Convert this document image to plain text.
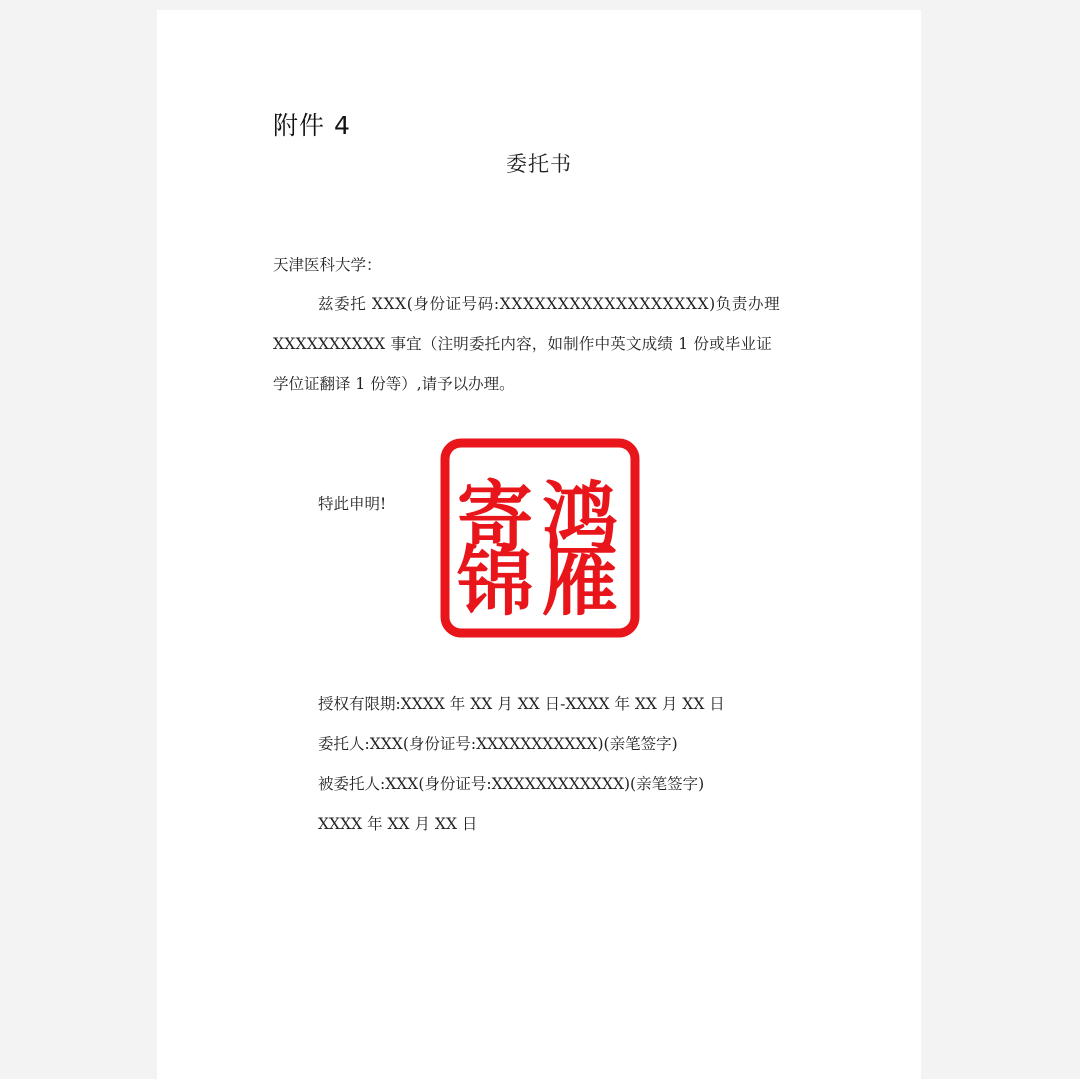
附件 4
委托书
天津医科大学：
兹委托 XXX(身份证号码:XXXXXXXXXXXXXXXXXX)负责办理
XXXXXXXXXX 事宜（注明委托内容，如制作中英文成绩 1 份或毕业证
学位证翻译 1 份等）,请予以办理。
特此申明! 寄 鸿
锦 雁
授权有限期:XXXX 年 XX 月 XX 日-XXXX 年 XX 月 XX 日
委托人:XXX(身份证号:XXXXXXXXXXX)(亲笔签字)
被委托人:XXX(身份证号:XXXXXXXXXXXX)(亲笔签字)
XXXX 年 XX 月 XX 日
